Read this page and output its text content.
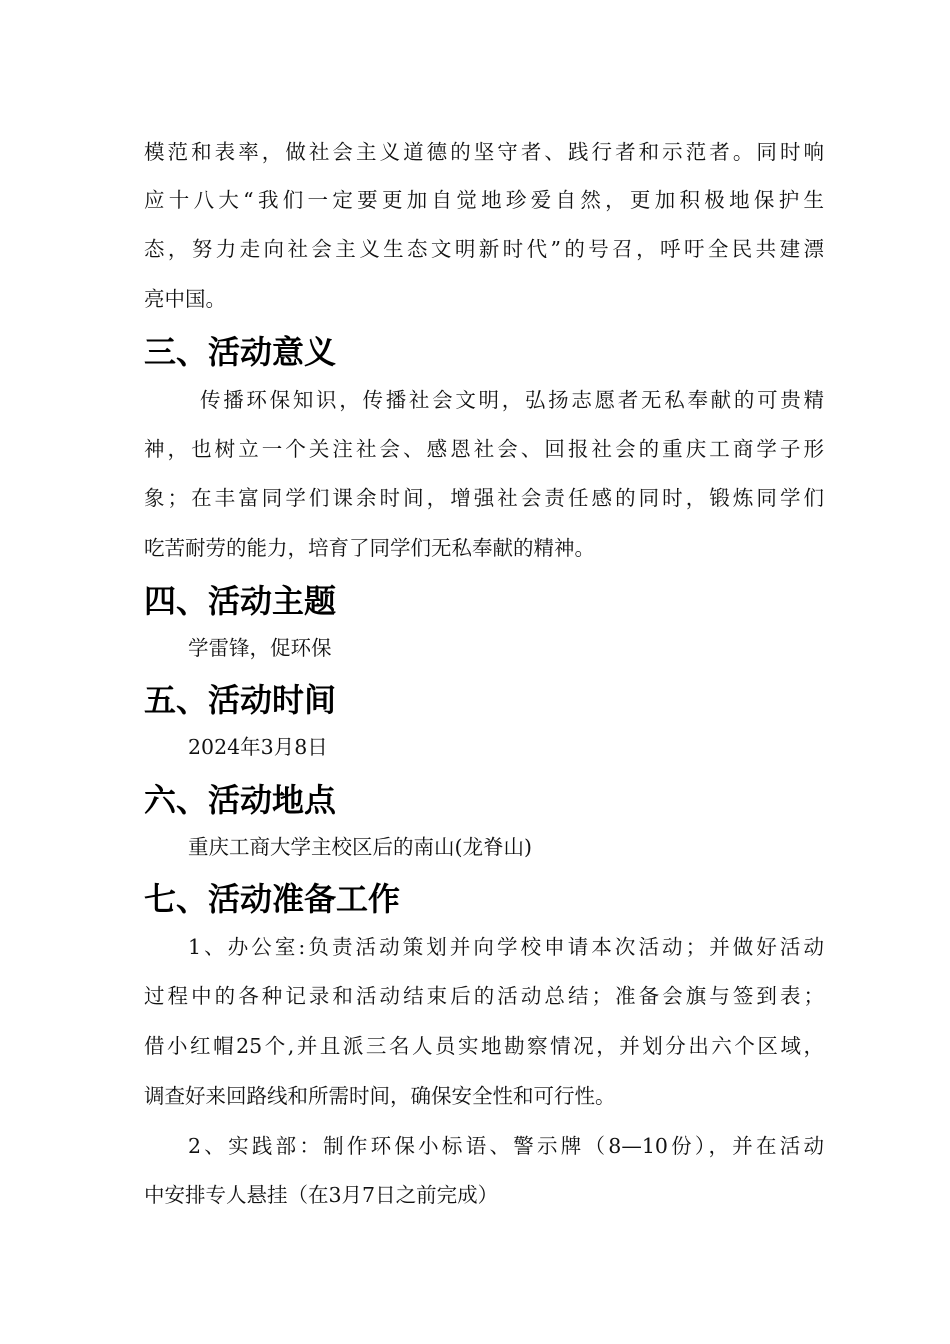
模范和表率，做社会主义道德的坚守者、践行者和示范者。同时响
应十八大“我们一定要更加自觉地珍爱自然，更加积极地保护生
态，努力走向社会主义生态文明新时代”的号召，呼吁全民共建漂
亮中国。
三、活动意义
传播环保知识，传播社会文明，弘扬志愿者无私奉献的可贵精
神，也树立一个关注社会、感恩社会、回报社会的重庆工商学子形
象；在丰富同学们课余时间，增强社会责任感的同时，锻炼同学们
吃苦耐劳的能力，培育了同学们无私奉献的精神。
四、活动主题
学雷锋，促环保
五、活动时间
2024年3月8日
六、活动地点
重庆工商大学主校区后的南山(龙脊山)
七、活动准备工作
1、办公室:负责活动策划并向学校申请本次活动；并做好活动
过程中的各种记录和活动结束后的活动总结；准备会旗与签到表；
借小红帽25个,并且派三名人员实地勘察情况，并划分出六个区域，
调查好来回路线和所需时间，确保安全性和可行性。
2、实践部：制作环保小标语、警示牌（8—10份），并在活动
中安排专人悬挂（在3月7日之前完成）
